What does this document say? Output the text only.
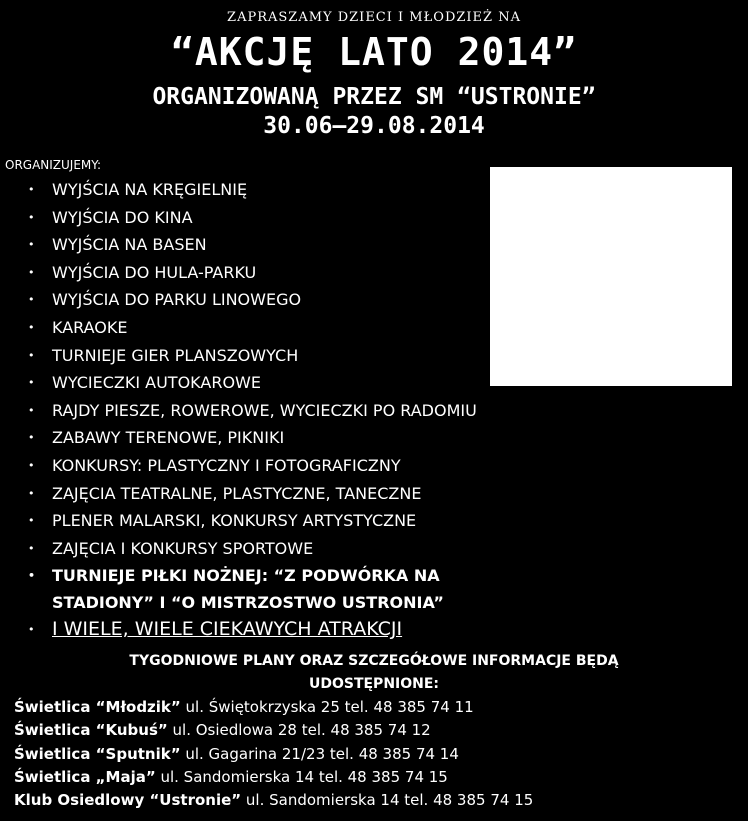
ZAPRASZAMY DZIECI I MŁODZIEŻ NA
“AKCJĘ LATO 2014”
ORGANIZOWANĄ PRZEZ SM “USTRONIE”
30.06–29.08.2014
ORGANIZUJEMY:
• WYJŚCIA NA KRĘGIELNIĘ
• WYJŚCIA DO KINA
• WYJŚCIA NA BASEN
• WYJŚCIA DO HULA-PARKU
• WYJŚCIA DO PARKU LINOWEGO
• KARAOKE
• TURNIEJE GIER PLANSZOWYCH
• WYCIECZKI AUTOKAROWE
• RAJDY PIESZE, ROWEROWE, WYCIECZKI PO RADOMIU
• ZABAWY TERENOWE, PIKNIKI
• KONKURSY: PLASTYCZNY I FOTOGRAFICZNY
• ZAJĘCIA TEATRALNE, PLASTYCZNE, TANECZNE
• PLENER MALARSKI, KONKURSY ARTYSTYCZNE
• ZAJĘCIA I KONKURSY SPORTOWE
• TURNIEJE PIŁKI NOŻNEJ: “Z PODWÓRKA NA
STADIONY” I “O MISTRZOSTWO USTRONIA”
• I WIELE, WIELE CIEKAWYCH ATRAKCJI
TYGODNIOWE PLANY ORAZ SZCZEGÓŁOWE INFORMACJE BĘDĄ
UDOSTĘPNIONE:
Świetlica “Młodzik” ul. Świętokrzyska 25 tel. 48 385 74 11
Świetlica “Kubuś” ul. Osiedlowa 28 tel. 48 385 74 12
Świetlica “Sputnik” ul. Gagarina 21/23 tel. 48 385 74 14
Świetlica „Maja” ul. Sandomierska 14 tel. 48 385 74 15
Klub Osiedlowy “Ustronie” ul. Sandomierska 14 tel. 48 385 74 15
